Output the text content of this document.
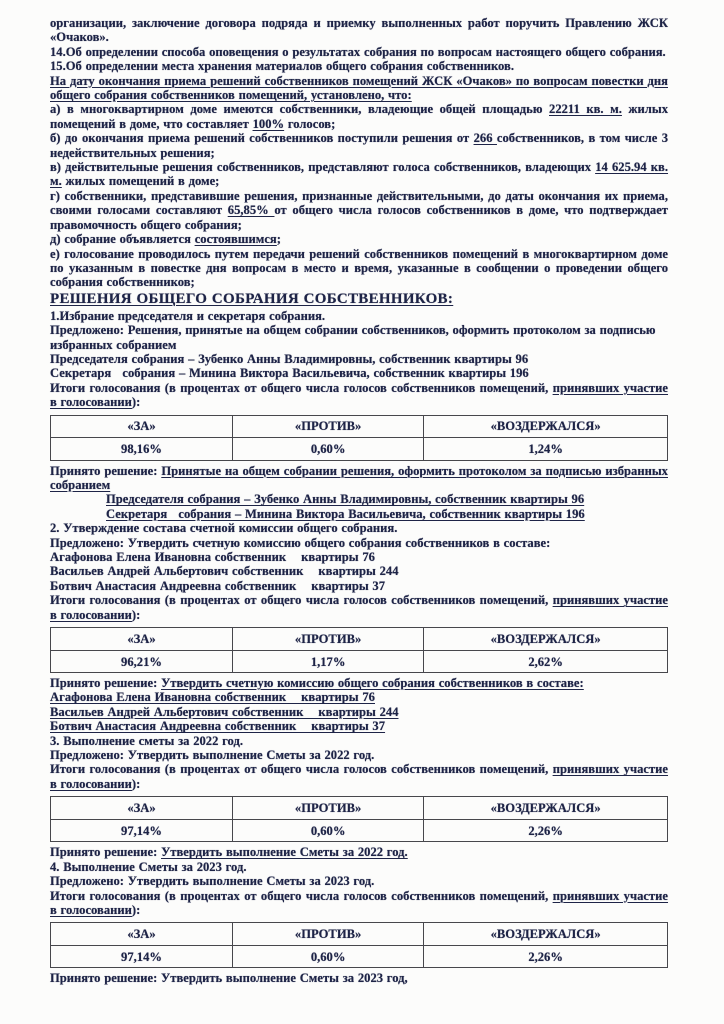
организации, заключение договора подряда и приемку выполненных работ поручить Правлению ЖСК «Очаков».

14.Об определении способа оповещения о результатах собрания по вопросам настоящего общего собрания.

15.Об определении места хранения материалов общего собрания собственников.

На дату окончания приема решений собственников помещений ЖСК «Очаков» по вопросам повестки дня общего собрания собственников помещений, установлено, что:

а) в многоквартирном доме имеются собственники, владеющие общей площадью 22211 кв. м. жилых помещений в доме, что составляет 100% голосов;

б) до окончания приема решений собственников поступили решения от 266 собственников, в том числе 3 недействительных решения;

в) действительные решения собственников, представляют голоса собственников, владеющих 14 625.94 кв. м. жилых помещений в доме;

г) собственники, представившие решения, признанные действительными, до даты окончания их приема, своими голосами составляют 65,85% от общего числа голосов собственников в доме, что подтверждает правомочность общего собрания;

д) собрание объявляется состоявшимся;

е) голосование проводилось путем передачи решений собственников помещений в многоквартирном доме по указанным в повестке дня вопросам в место и время, указанные в сообщении о проведении общего собрания собственников;

РЕШЕНИЯ ОБЩЕГО СОБРАНИЯ СОБСТВЕННИКОВ:

1.Избрание председателя и секретаря собрания.

Предложено: Решения, принятые на общем собрании собственников, оформить протоколом за подписью избранных собранием

Председателя собрания – Зубенко Анны Владимировны, собственник квартиры 96

Секретаря   собрания – Минина Виктора Васильевича, собственник квартиры 196

Итоги голосования (в процентах от общего числа голосов собственников помещений, принявших участие в голосовании):

«ЗА»	«ПРОТИВ»	«ВОЗДЕРЖАЛСЯ»
98,16%	0,60%	1,24%

Принято решение: Принятые на общем собрании решения, оформить протоколом за подписью избранных собранием

Председателя собрания – Зубенко Анны Владимировны, собственник квартиры 96

Секретаря   собрания – Минина Виктора Васильевича, собственник квартиры 196

2. Утверждение состава счетной комиссии общего собрания.

Предложено: Утвердить счетную комиссию общего собрания собственников в составе:

Агафонова Елена Ивановна собственник    квартиры 76

Васильев Андрей Альбертович собственник    квартиры 244

Ботвич Анастасия Андреевна собственник    квартиры 37

Итоги голосования (в процентах от общего числа голосов собственников помещений, принявших участие в голосовании):

«ЗА»	«ПРОТИВ»	«ВОЗДЕРЖАЛСЯ»
96,21%	1,17%	2,62%

Принято решение: Утвердить счетную комиссию общего собрания собственников в составе:

Агафонова Елена Ивановна собственник    квартиры 76

Васильев Андрей Альбертович собственник    квартиры 244

Ботвич Анастасия Андреевна собственник    квартиры 37

3. Выполнение сметы за 2022 год.

Предложено: Утвердить выполнение Сметы за 2022 год.

Итоги голосования (в процентах от общего числа голосов собственников помещений, принявших участие в голосовании):

«ЗА»	«ПРОТИВ»	«ВОЗДЕРЖАЛСЯ»
97,14%	0,60%	2,26%

Принято решение: Утвердить выполнение Сметы за 2022 год.

4. Выполнение Сметы за 2023 год.

Предложено: Утвердить выполнение Сметы за 2023 год.

Итоги голосования (в процентах от общего числа голосов собственников помещений, принявших участие в голосовании):

«ЗА»	«ПРОТИВ»	«ВОЗДЕРЖАЛСЯ»
97,14%	0,60%	2,26%

Принято решение: Утвердить выполнение Сметы за 2023 год,
